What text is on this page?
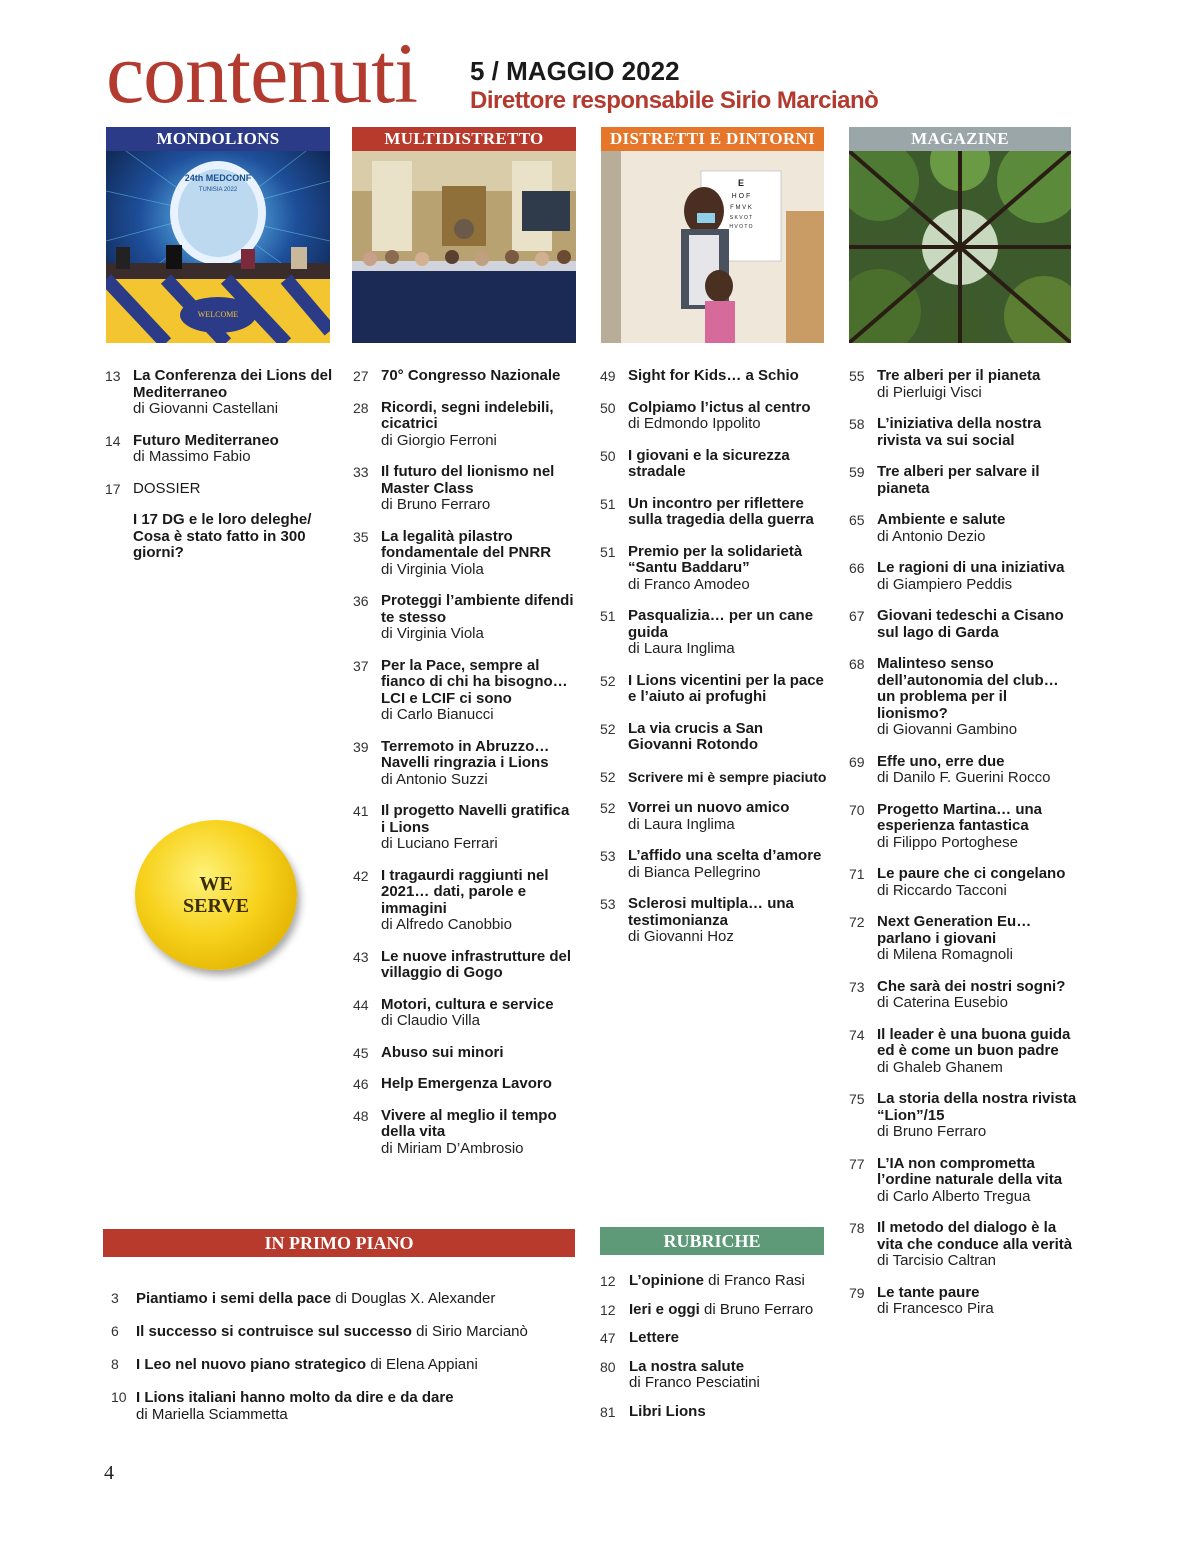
contenuti 5 / MAGGIO 2022
Direttore responsabile Sirio Marcianò
MONDOLIONS	MULTIDISTRETTO	DISTRETTI E DINTORNI	MAGAZINE
24th MEDCONF
TUNISIA 2022
WELCOME
E
H O F
F M V K
S K V O T
H V O T O
13 La Conferenza dei Lions del Mediterraneo
di Giovanni Castellani
14 Futuro Mediterraneo
di Massimo Fabio
17 DOSSIER
I 17 DG e le loro deleghe/ Cosa è stato fatto in 300 giorni?
27 70° Congresso Nazionale
28 Ricordi, segni indelebili, cicatrici
di Giorgio Ferroni
33 Il futuro del lionismo nel Master Class
di Bruno Ferraro
35 La legalità pilastro fondamentale del PNRR
di Virginia Viola
36 Proteggi l’ambiente difendi te stesso
di Virginia Viola
37 Per la Pace, sempre al fianco di chi ha bisogno… LCI e LCIF ci sono
di Carlo Bianucci
39 Terremoto in Abruzzo… Navelli ringrazia i Lions
di Antonio Suzzi
41 Il progetto Navelli gratifica i Lions
di Luciano Ferrari
42 I tragaurdi raggiunti nel 2021… dati, parole e immagini
di Alfredo Canobbio
43 Le nuove infrastrutture del villaggio di Gogo
44 Motori, cultura e service
di Claudio Villa
45 Abuso sui minori
46 Help Emergenza Lavoro
48 Vivere al meglio il tempo della vita
di Miriam D’Ambrosio
49 Sight for Kids… a Schio
50 Colpiamo l’ictus al centro
di Edmondo Ippolito
50 I giovani e la sicurezza stradale
51 Un incontro per riflettere sulla tragedia della guerra
51 Premio per la solidarietà “Santu Baddaru”
di Franco Amodeo
51 Pasqualizia… per un cane guida
di Laura Inglima
52 I Lions vicentini per la pace e l’aiuto ai profughi
52 La via crucis a San Giovanni Rotondo
52 Scrivere mi è sempre piaciuto
52 Vorrei un nuovo amico
di Laura Inglima
53 L’affido una scelta d’amore
di Bianca Pellegrino
53 Sclerosi multipla… una testimonianza
di Giovanni Hoz
55 Tre alberi per il pianeta
di Pierluigi Visci
58 L’iniziativa della nostra rivista va sui social
59 Tre alberi per salvare il pianeta
65 Ambiente e salute
di Antonio Dezio
66 Le ragioni di una iniziativa
di Giampiero Peddis
67 Giovani tedeschi a Cisano sul lago di Garda
68 Malinteso senso dell’autonomia del club… un problema per il lionismo?
di Giovanni Gambino
69 Effe uno, erre due
di Danilo F. Guerini Rocco
70 Progetto Martina… una esperienza fantastica
di Filippo Portoghese
71 Le paure che ci congelano
di Riccardo Tacconi
72 Next Generation Eu… parlano i giovani
di Milena Romagnoli
73 Che sarà dei nostri sogni?
di Caterina Eusebio
74 Il leader è una buona guida ed è come un buon padre
di Ghaleb Ghanem
75 La storia della nostra rivista “Lion”/15
di Bruno Ferraro
77 L’IA non comprometta l’ordine naturale della vita
di Carlo Alberto Tregua
78 Il metodo del dialogo è la vita che conduce alla verità
di Tarcisio Caltran
79 Le tante paure
di Francesco Pira
WE
SERVE
IN PRIMO PIANO
3 Piantiamo i semi della pace di Douglas X. Alexander
6 Il successo si contruisce sul successo di Sirio Marcianò
8 I Leo nel nuovo piano strategico di Elena Appiani
10 I Lions italiani hanno molto da dire e da dare
di Mariella Sciammetta
RUBRICHE
12 L’opinione di Franco Rasi
12 Ieri e oggi di Bruno Ferraro
47 Lettere
80 La nostra salute
di Franco Pesciatini
81 Libri Lions
4
